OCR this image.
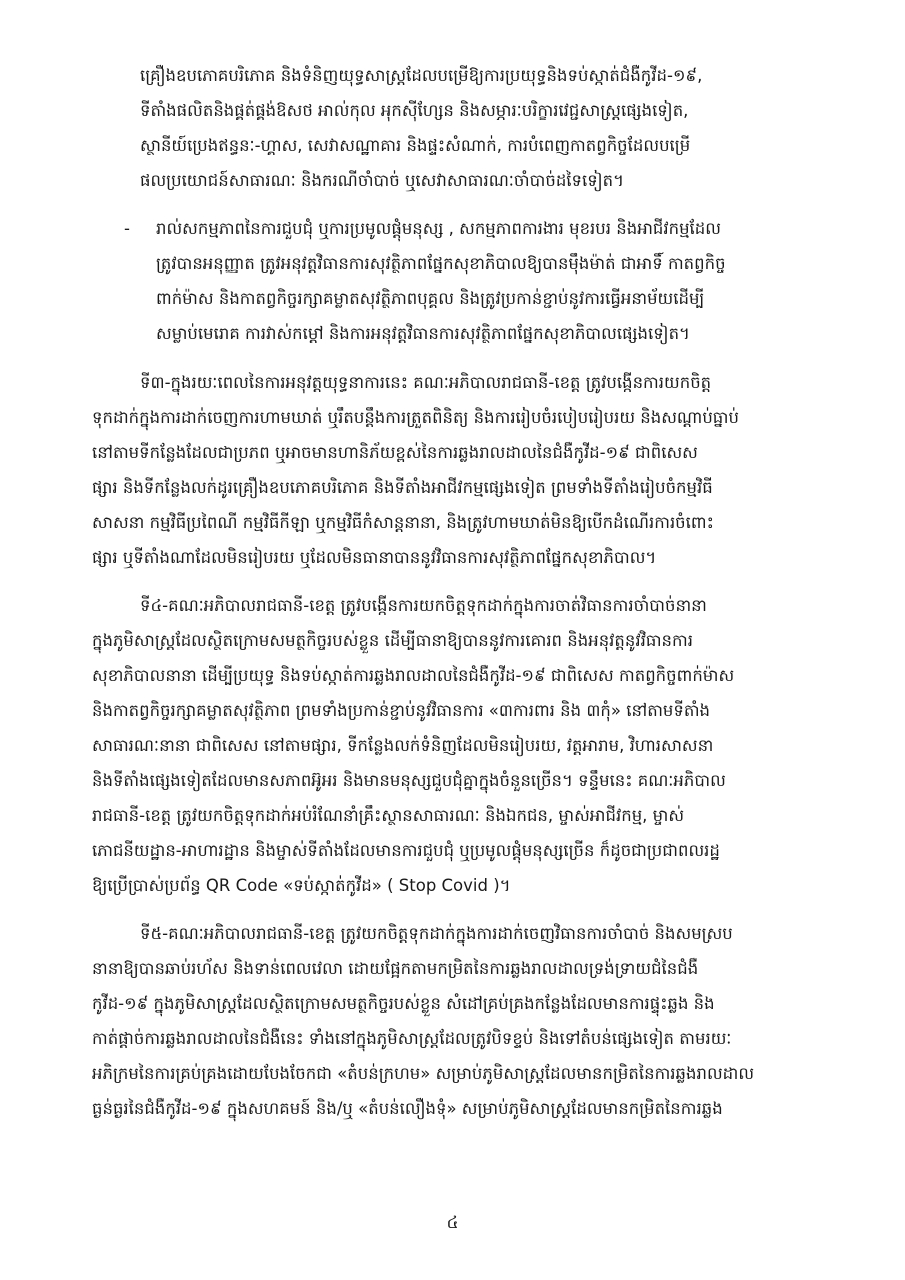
គ្រឿងឧបភោគបរិភោគ និងទំនិញយុទ្ធសាស្ត្រដែលបម្រើឱ្យការប្រយុទ្ធនិងទប់ស្កាត់ជំងឺកូវីដ-១៩,
ទីតាំងផលិតនិងផ្គត់ផ្គង់ឱសថ អាល់កុល អុកស៊ីហ្សែន និងសម្ភារៈបរិក្ខារវេជ្ជសាស្ត្រផ្សេងទៀត,
ស្ថានីយ៍ប្រេងឥន្ធនៈ-ហ្គាស, សេវាសណ្ឋាគារ និងផ្ទះសំណាក់, ការបំពេញកាតព្វកិច្ចដែលបម្រើ
ផលប្រយោជន៍សាធារណៈ និងករណីចាំបាច់ ឬសេវាសាធារណៈចាំបាច់ដទៃទៀត។
- រាល់សកម្មភាពនៃការជួបជុំ ឬការប្រមូលផ្តុំមនុស្ស , សកម្មភាពការងារ មុខរបរ និងអាជីវកម្មដែល
ត្រូវបានអនុញ្ញាត ត្រូវអនុវត្តវិធានការសុវត្ថិភាពផ្នែកសុខាភិបាលឱ្យបានម៉ឹងម៉ាត់ ជាអាទិ៍ កាតព្វកិច្ច
ពាក់ម៉ាស និងកាតព្វកិច្ចរក្សាគម្លាតសុវត្ថិភាពបុគ្គល និងត្រូវប្រកាន់ខ្ជាប់នូវការធ្វើអនាម័យដើម្បី
សម្លាប់មេរោគ ការវាស់កម្តៅ និងការអនុវត្តវិធានការសុវត្ថិភាពផ្នែកសុខាភិបាលផ្សេងទៀត។
ទី៣-ក្នុងរយៈពេលនៃការអនុវត្តយុទ្ធនាការនេះ គណៈអភិបាលរាជធានី-ខេត្ត ត្រូវបង្កើនការយកចិត្ត
ទុកដាក់ក្នុងការដាក់ចេញការហាមឃាត់ ឬរឹតបន្តឹងការត្រួតពិនិត្យ និងការរៀបចំរបៀបរៀបរយ និងសណ្តាប់ធ្នាប់
នៅតាមទីកន្លែងដែលជាប្រភព ឬអាចមានហានិភ័យខ្ពស់នៃការឆ្លងរាលដាលនៃជំងឺកូវីដ-១៩ ជាពិសេស
ផ្សារ និងទីកន្លែងលក់ដូរគ្រឿងឧបភោគបរិភោគ និងទីតាំងអាជីវកម្មផ្សេងទៀត ព្រមទាំងទីតាំងរៀបចំកម្មវិធី
សាសនា កម្មវិធីប្រពៃណី កម្មវិធីកីឡា ឬកម្មវិធីកំសាន្តនានា, និងត្រូវហាមឃាត់មិនឱ្យបើកដំណើរការចំពោះ
ផ្សារ ឬទីតាំងណាដែលមិនរៀបរយ ឬដែលមិនធានាបាននូវវិធានការសុវត្ថិភាពផ្នែកសុខាភិបាល។
ទី៤-គណៈអភិបាលរាជធានី-ខេត្ត ត្រូវបង្កើនការយកចិត្តទុកដាក់ក្នុងការចាត់វិធានការចាំបាច់នានា
ក្នុងភូមិសាស្ត្រដែលស្ថិតក្រោមសមត្ថកិច្ចរបស់ខ្លួន ដើម្បីធានាឱ្យបាននូវការគោរព និងអនុវត្តនូវវិធានការ
សុខាភិបាលនានា ដើម្បីប្រយុទ្ធ និងទប់ស្កាត់ការឆ្លងរាលដាលនៃជំងឺកូវីដ-១៩ ជាពិសេស កាតព្វកិច្ចពាក់ម៉ាស
និងកាតព្វកិច្ចរក្សាគម្លាតសុវត្ថិភាព ព្រមទាំងប្រកាន់ខ្ជាប់នូវវិធានការ «៣ការពារ និង ៣កុំ» នៅតាមទីតាំង
សាធារណៈនានា ជាពិសេស នៅតាមផ្សារ, ទីកន្លែងលក់ទំនិញដែលមិនរៀបរយ, វត្តអារាម, វិហារសាសនា
និងទីតាំងផ្សេងទៀតដែលមានសភាពអ៊ូអរ និងមានមនុស្សជួបជុំគ្នាក្នុងចំនួនច្រើន។ ទន្ទឹមនេះ គណៈអភិបាល
រាជធានី-ខេត្ត ត្រូវយកចិត្តទុកដាក់អប់រំណែនាំគ្រឹះស្ថានសាធារណៈ និងឯកជន, ម្ចាស់អាជីវកម្ម, ម្ចាស់
ភោជនីយដ្ឋាន-អាហារដ្ឋាន និងម្ចាស់ទីតាំងដែលមានការជួបជុំ ឬប្រមូលផ្តុំមនុស្សច្រើន ក៏ដូចជាប្រជាពលរដ្ឋ
ឱ្យប្រើប្រាស់ប្រព័ន្ធ QR Code «ទប់ស្កាត់កូវីដ» ( Stop Covid )។
ទី៥-គណៈអភិបាលរាជធានី-ខេត្ត ត្រូវយកចិត្តទុកដាក់ក្នុងការដាក់ចេញវិធានការចាំបាច់ និងសមស្រប
នានាឱ្យបានឆាប់រហ័ស និងទាន់ពេលវេលា ដោយផ្អែកតាមកម្រិតនៃការឆ្លងរាលដាលទ្រង់ទ្រាយជំនៃជំងឺ
កូវីដ-១៩ ក្នុងភូមិសាស្ត្រដែលស្ថិតក្រោមសមត្ថកិច្ចរបស់ខ្លួន សំដៅគ្រប់គ្រងកន្លែងដែលមានការផ្ទុះឆ្លង និង
កាត់ផ្តាច់ការឆ្លងរាលដាលនៃជំងឺនេះ ទាំងនៅក្នុងភូមិសាស្ត្រដែលត្រូវបិទខ្ទប់ និងទៅតំបន់ផ្សេងទៀត តាមរយៈ
អភិក្រមនៃការគ្រប់គ្រងដោយបែងចែកជា «តំបន់ក្រហម» សម្រាប់ភូមិសាស្ត្រដែលមានកម្រិតនៃការឆ្លងរាលដាល
ធ្ងន់ធ្ងរនៃជំងឺកូវីដ-១៩ ក្នុងសហគមន៍ និង/ឬ «តំបន់លឿងទុំ» សម្រាប់ភូមិសាស្ត្រដែលមានកម្រិតនៃការឆ្លង
៤
